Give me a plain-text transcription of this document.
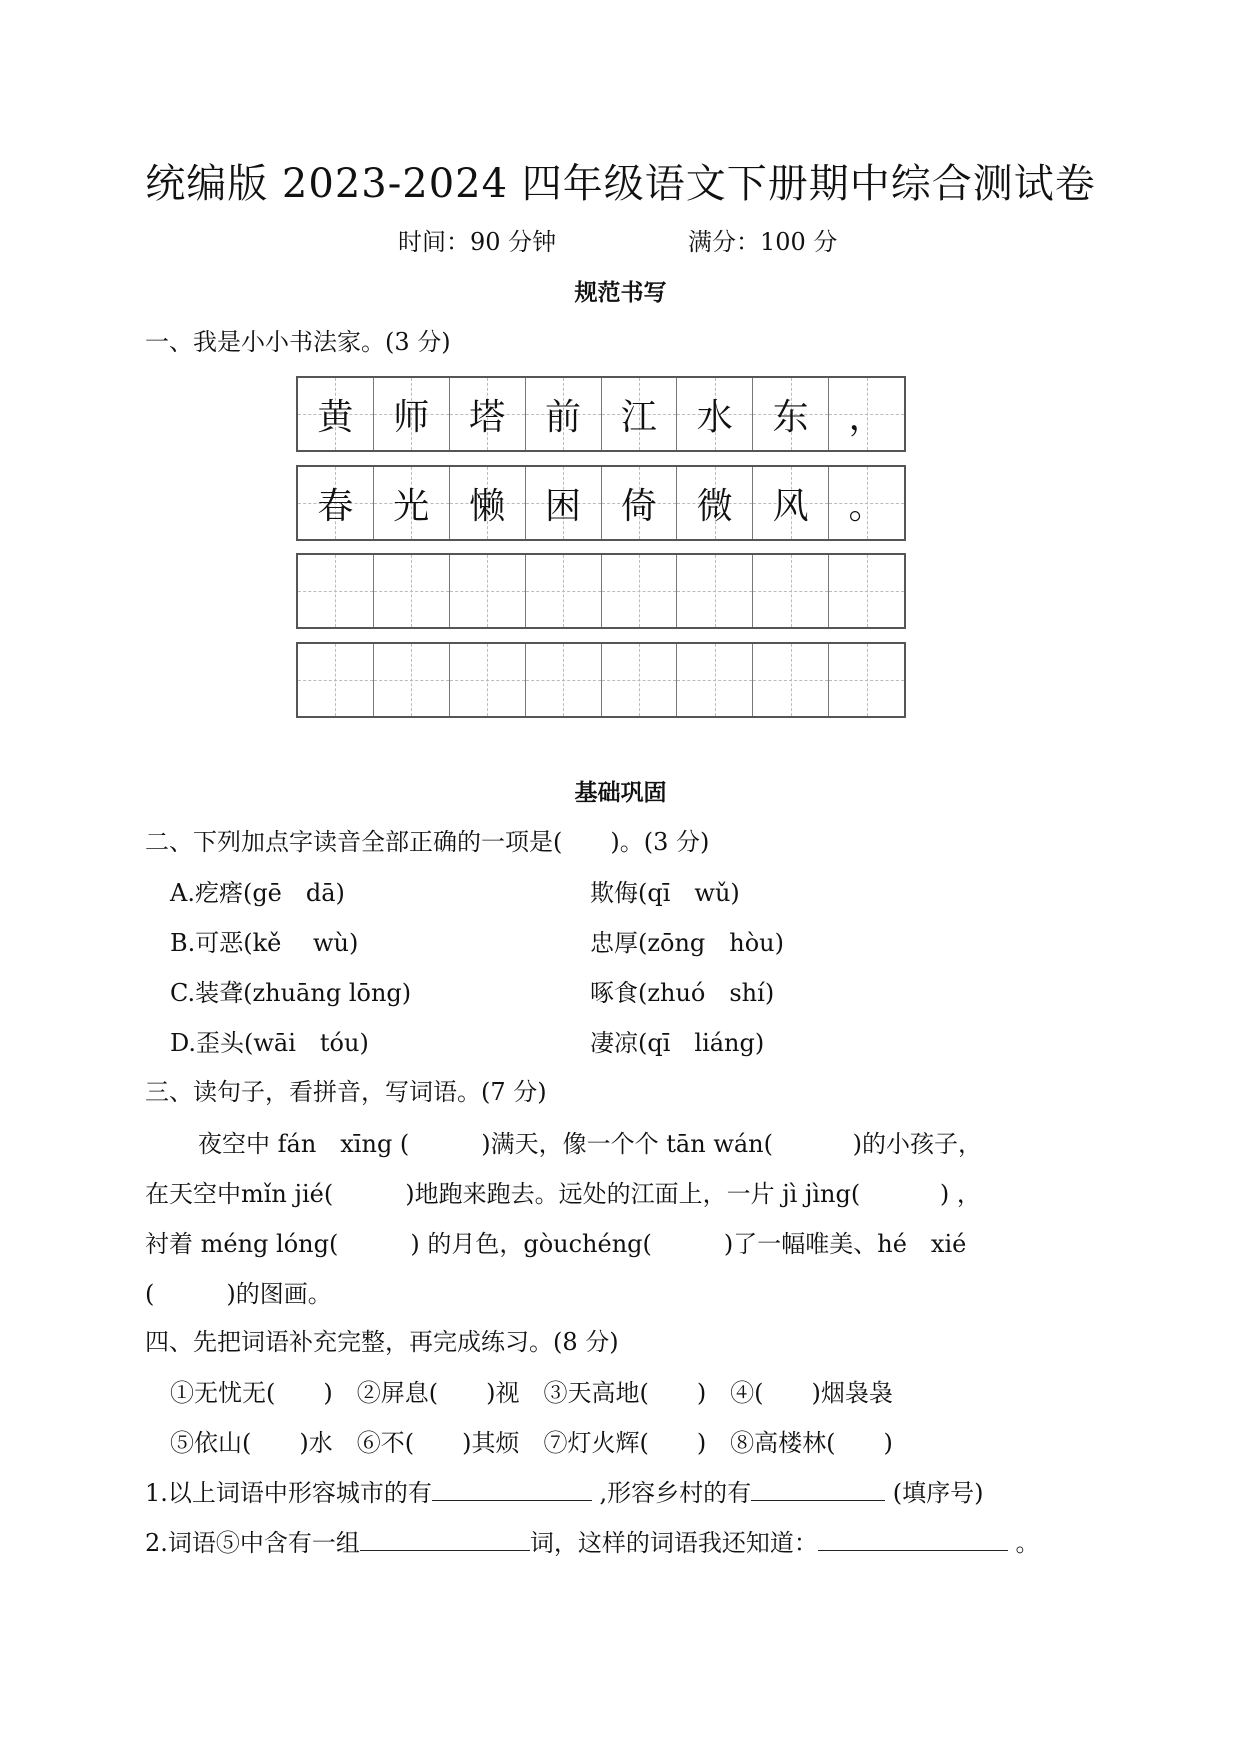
统编版 2023-2024 四年级语文下册期中综合测试卷
时间：90 分钟	满分：100 分
规范书写
一、我是小小书法家。(3 分)
黄 师 塔 前 江 水 东 ，
春 光 懒 困 倚 微 风 。
基础巩固
二、下列加点字读音全部正确的一项是(　　)。(3 分)
A.疙瘩(gē　dā)	欺侮(qī　wǔ)
B.可恶(kě　 wù)	忠厚(zōng　hòu)
C.装聋(zhuāng lōng)	啄食(zhuó　shí)
D.歪头(wāi　tóu)	凄凉(qī　liáng)
三、读句子，看拼音，写词语。(7 分)
夜空中 fán　xīng (　　　)满天，像一个个 tān wán(　　　 )的小孩子，
在天空中mǐn jié(　　　)地跑来跑去。远处的江面上，一片 jì jìng(　　　 ) ，
衬着 méng lóng(　　　) 的月色，gòuchéng(　　　)了一幅唯美、hé　xié
(　　　)的图画。
四、先把词语补充完整，再完成练习。(8 分)
①无忧无(　　)　②屏息(　　)视　③天高地(　　)　④(　　)烟袅袅
⑤依山(　　)水　⑥不(　　)其烦　⑦灯火辉(　　)　⑧高楼林(　　)
1.以上词语中形容城市的有	,形容乡村的有	(填序号)
2.词语⑤中含有一组	词，这样的词语我还知道：	。
